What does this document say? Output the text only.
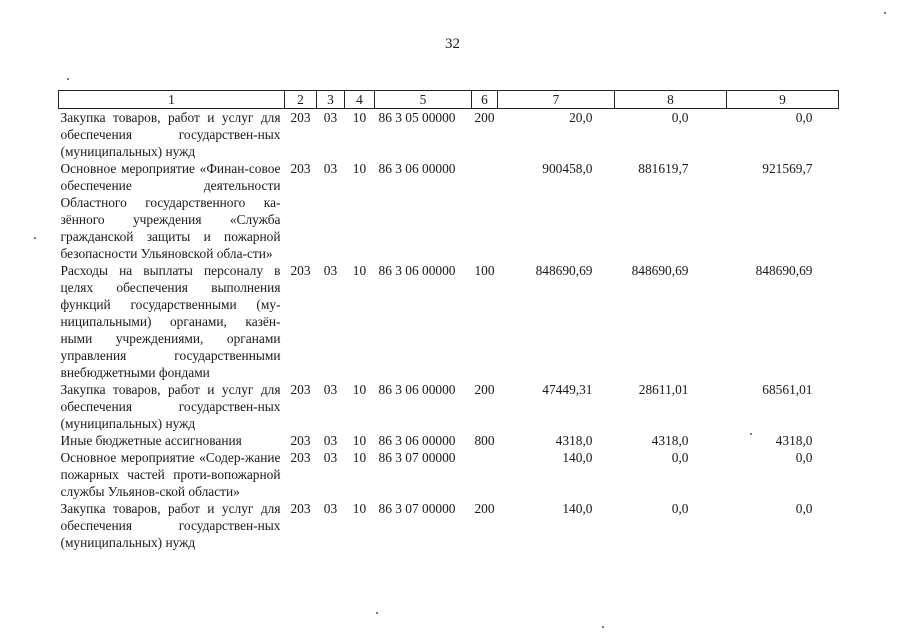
32
1	2	3	4	5	6	7	8	9
Закупка товаров, работ и услуг для обеспечения государствен-ных (муниципальных) нужд	203	03	10	86 3 05 00000	200	20,0	0,0	0,0
Основное мероприятие «Финан-совое обеспечение деятельности Областного государственного ка-зённого учреждения «Служба гражданской защиты и пожарной безопасности Ульяновской обла-сти»	203	03	10	86 3 06 00000		900458,0	881619,7	921569,7
Расходы на выплаты персоналу в целях обеспечения выполнения функций государственными (му-ниципальными) органами, казён-ными учреждениями, органами управления государственными внебюджетными фондами	203	03	10	86 3 06 00000	100	848690,69	848690,69	848690,69
Закупка товаров, работ и услуг для обеспечения государствен-ных (муниципальных) нужд	203	03	10	86 3 06 00000	200	47449,31	28611,01	68561,01
Иные бюджетные ассигнования	203	03	10	86 3 06 00000	800	4318,0	4318,0	4318,0
Основное мероприятие «Содер-жание пожарных частей проти-вопожарной службы Ульянов-ской области»	203	03	10	86 3 07 00000		140,0	0,0	0,0
Закупка товаров, работ и услуг для обеспечения государствен-ных (муниципальных) нужд	203	03	10	86 3 07 00000	200	140,0	0,0	0,0
